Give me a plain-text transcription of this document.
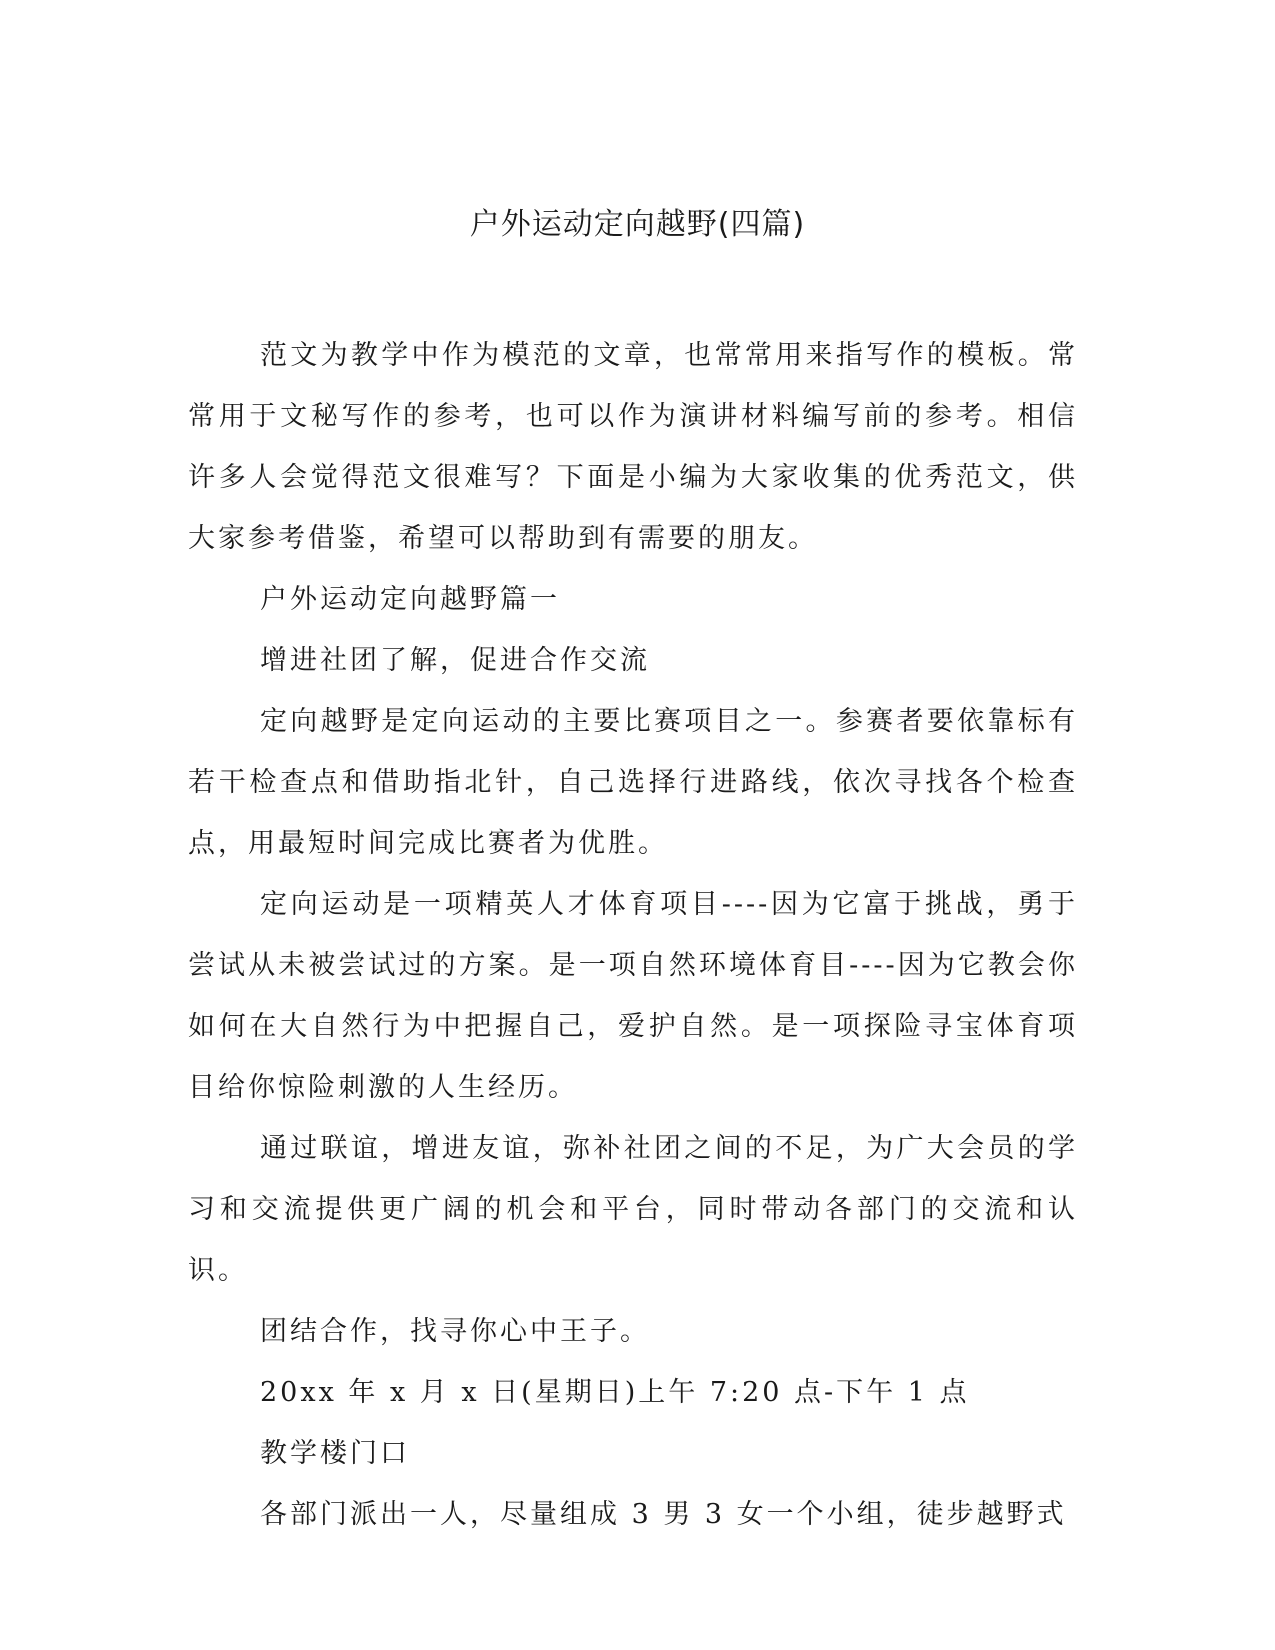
户外运动定向越野(四篇)

范文为教学中作为模范的文章，也常常用来指写作的模板。常常用于文秘写作的参考，也可以作为演讲材料编写前的参考。相信许多人会觉得范文很难写？下面是小编为大家收集的优秀范文，供大家参考借鉴，希望可以帮助到有需要的朋友。

户外运动定向越野篇一

增进社团了解，促进合作交流

定向越野是定向运动的主要比赛项目之一。参赛者要依靠标有若干检查点和借助指北针，自己选择行进路线，依次寻找各个检查点，用最短时间完成比赛者为优胜。

定向运动是一项精英人才体育项目----因为它富于挑战，勇于尝试从未被尝试过的方案。是一项自然环境体育目----因为它教会你如何在大自然行为中把握自己，爱护自然。是一项探险寻宝体育项目给你惊险刺激的人生经历。

通过联谊，增进友谊，弥补社团之间的不足，为广大会员的学习和交流提供更广阔的机会和平台，同时带动各部门的交流和认识。

团结合作，找寻你心中王子。

20xx 年 x 月 x 日(星期日)上午 7:20 点-下午 1 点

教学楼门口

各部门派出一人，尽量组成 3 男 3 女一个小组，徒步越野式
